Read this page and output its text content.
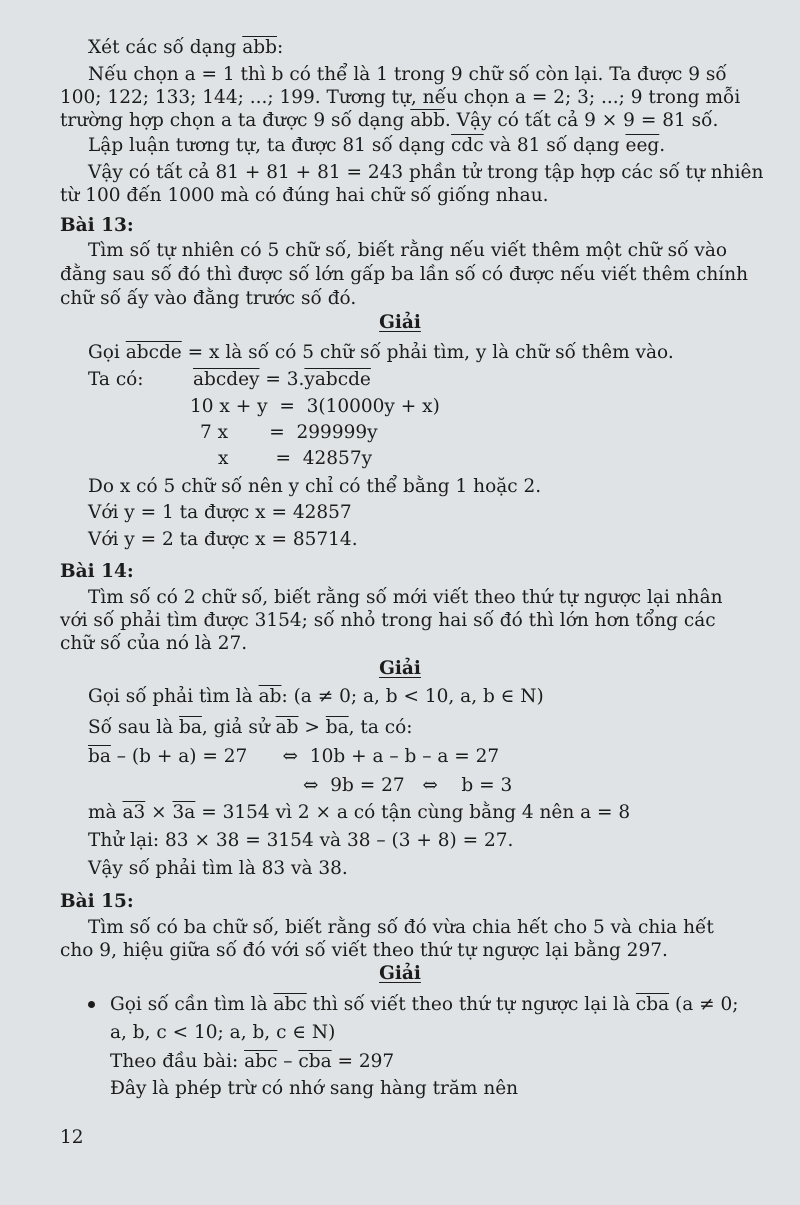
Xét các số dạng $\overline{abb}$:
Nếu chọn a = 1 thì b có thể là 1 trong 9 chữ số còn lại. Ta được 9 số
100; 122; 133; 144; ...; 199. Tương tự, nếu chọn a = 2; 3; ...; 9 trong mỗi
trường hợp chọn a ta được 9 số dạng $\overline{abb}$. Vậy có tất cả 9 × 9 = 81 số.
Lập luận tương tự, ta được 81 số dạng $\overline{cdc}$ và 81 số dạng $\overline{eeg}$.
Vậy có tất cả 81 + 81 + 81 = 243 phần tử trong tập hợp các số tự nhiên
từ 100 đến 1000 mà có đúng hai chữ số giống nhau.
Bài 13:
Tìm số tự nhiên có 5 chữ số, biết rằng nếu viết thêm một chữ số vào
đằng sau số đó thì được số lớn gấp ba lần số có được nếu viết thêm chính
chữ số ấy vào đằng trước số đó.
Giải
Gọi abcde = x là số có 5 chữ số phải tìm, y là chữ số thêm vào.
Ta có:	abcdey = 3.yabcde
10 x + y  =  3(10000y + x)
7 x       =  299999y
x        =  42857y
Do x có 5 chữ số nên y chỉ có thể bằng 1 hoặc 2.
Với y = 1 ta được x = 42857
Với y = 2 ta được x = 85714.
Bài 14:
Tìm số có 2 chữ số, biết rằng số mới viết theo thứ tự ngược lại nhân
với số phải tìm được 3154; số nhỏ trong hai số đó thì lớn hơn tổng các
chữ số của nó là 27.
Giải
Gọi số phải tìm là $\overline{ab}$: (a ≠ 0; a, b < 10, a, b ∈ N)
Số sau là $\overline{ba}$, giả sử $\overline{ab} > \overline{ba}$, ta có:
$\overline{ba} - (b + a) = 27$      ⇔  10b + a – b – a = 27
⇔  9b = 27   ⇔    b = 3
mà a3 × 3a = 3154 vì 2 × a có tận cùng bằng 4 nên a = 8
Thử lại: 83 × 38 = 3154 và 38 – (3 + 8) = 27.
Vậy số phải tìm là 83 và 38.
Bài 15:
Tìm số có ba chữ số, biết rằng số đó vừa chia hết cho 5 và chia hết
cho 9, hiệu giữa số đó với số viết theo thứ tự ngược lại bằng 297.
Giải
Gọi số cần tìm là $\overline{abc}$ thì số viết theo thứ tự ngược lại là $\overline{cba}$ (a ≠ 0;
a, b, c < 10; a, b, c ∈ N)
Theo đầu bài: $\overline{abc} - \overline{cba} = 297$
Đây là phép trừ có nhớ sang hàng trăm nên
12
